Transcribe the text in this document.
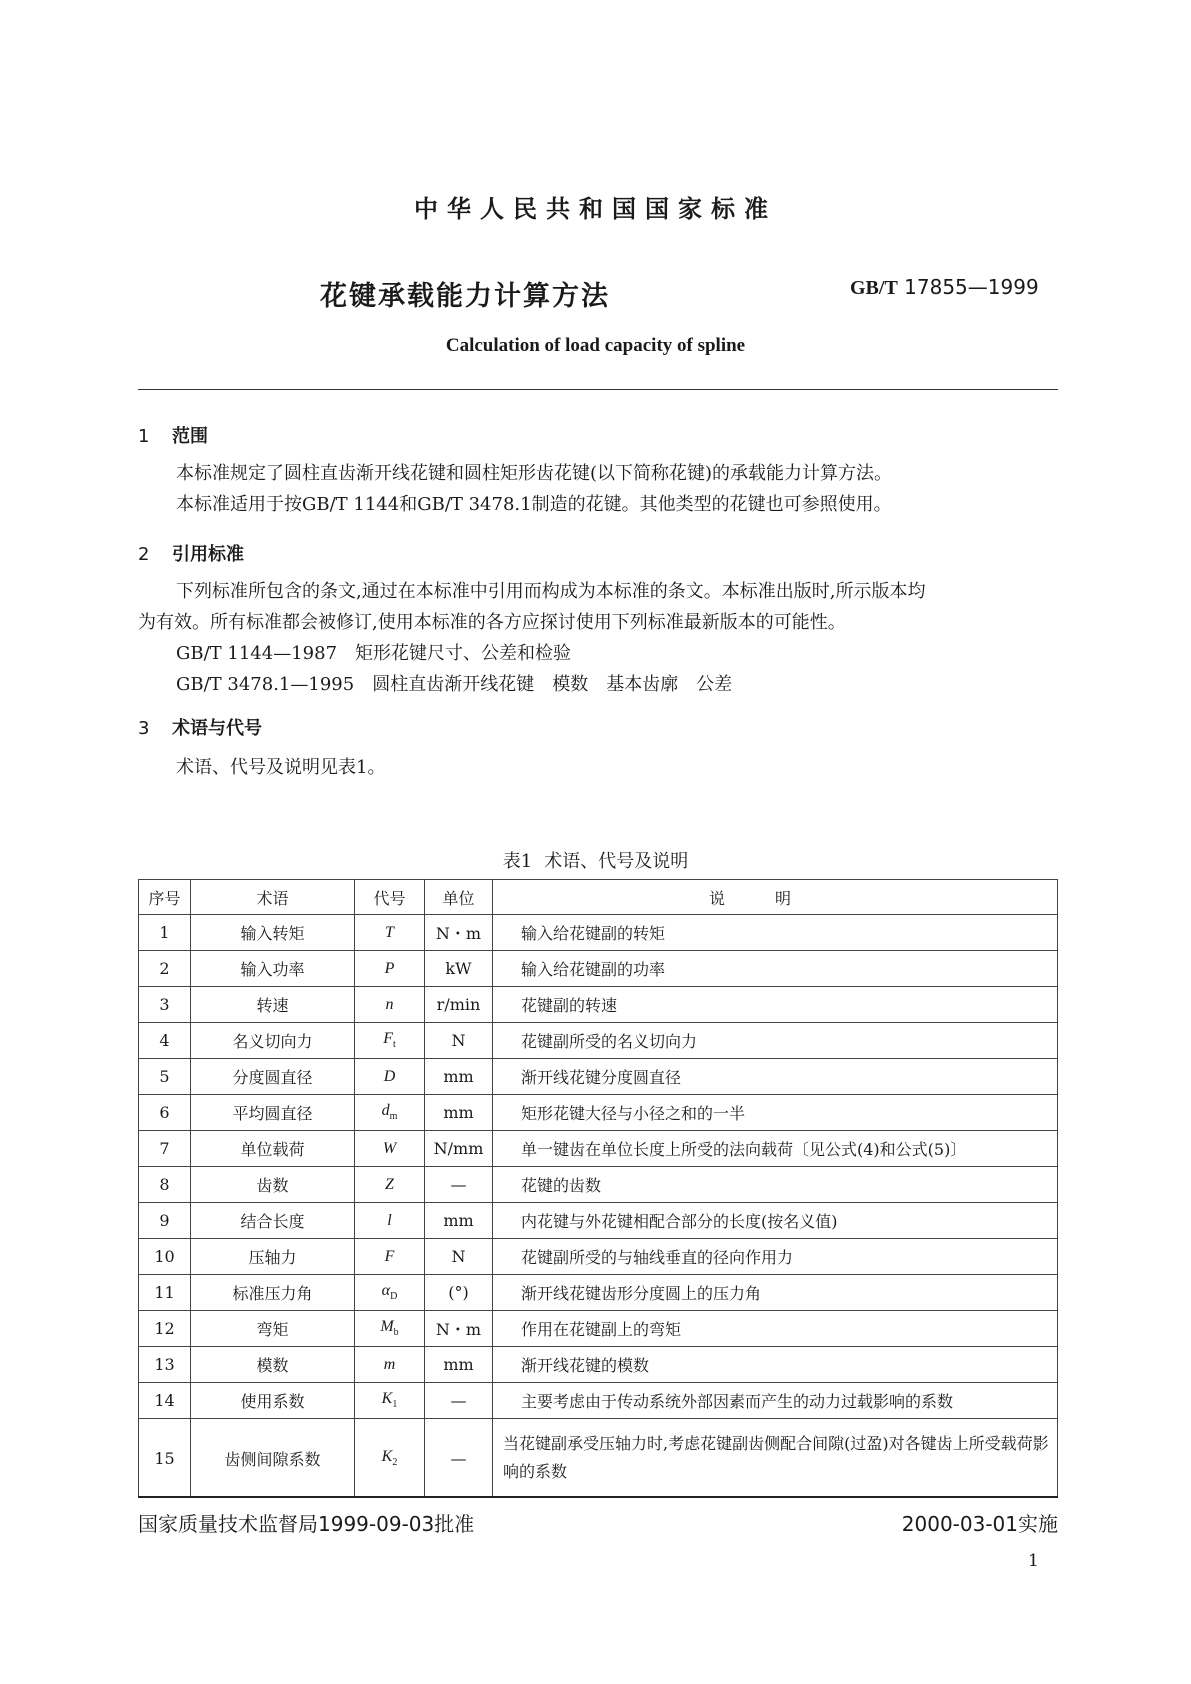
中华人民共和国国家标准
花键承载能力计算方法	GB/T 17855—1999
Calculation of load capacity of spline
1 范围

本标准规定了圆柱直齿渐开线花键和圆柱矩形齿花键(以下简称花键)的承载能力计算方法。

本标准适用于按GB/T 1144和GB/T 3478.1制造的花键。其他类型的花键也可参照使用。

2 引用标准

下列标准所包含的条文,通过在本标准中引用而构成为本标准的条文。本标准出版时,所示版本均

为有效。所有标准都会被修订,使用本标准的各方应探讨使用下列标准最新版本的可能性。

GB/T 1144—1987　矩形花键尺寸、公差和检验

GB/T 3478.1—1995　圆柱直齿渐开线花键　模数　基本齿廓　公差

3 术语与代号

术语、代号及说明见表1。

表1 术语、代号及说明
序号	术语	代号	单位	说明
1	输入转矩	T	N・m	输入给花键副的转矩
2	输入功率	P	kW	输入给花键副的功率
3	转速	n	r/min	花键副的转速
4	名义切向力	$F_t$	N	花键副所受的名义切向力
5	分度圆直径	D	mm	渐开线花键分度圆直径
6	平均圆直径	$d_m$	mm	矩形花键大径与小径之和的一半
7	单位载荷	W	N/mm	单一键齿在单位长度上所受的法向载荷〔见公式(4)和公式(5)〕
8	齿数	Z	—	花键的齿数
9	结合长度	l	mm	内花键与外花键相配合部分的长度(按名义值)
10	压轴力	F	N	花键副所受的与轴线垂直的径向作用力
11	标准压力角	$\alpha_D$	(°)	渐开线花键齿形分度圆上的压力角
12	弯矩	$M_b$	N・m	作用在花键副上的弯矩
13	模数	m	mm	渐开线花键的模数
14	使用系数	$K_1$	—	主要考虑由于传动系统外部因素而产生的动力过载影响的系数
15	齿侧间隙系数	$K_2$	—	当花键副承受压轴力时,考虑花键副齿侧配合间隙(过盈)对各键齿上所受载荷影响的系数
国家质量技术监督局1999-09-03批准	2000-03-01实施
1
